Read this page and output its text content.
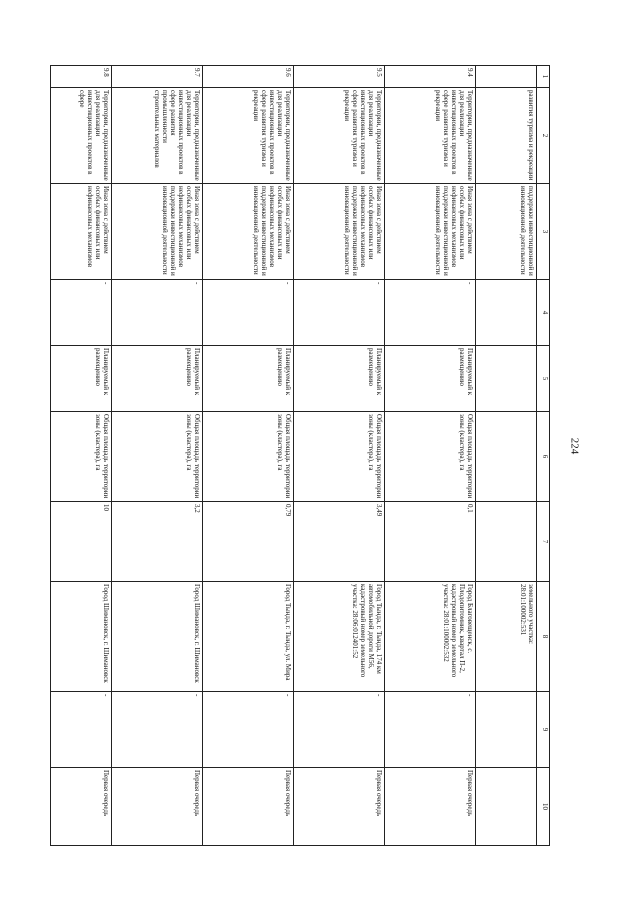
224
1	2	3	4	5	6	7	8	9	10
	развития туризма и рекреации	поддержки инвестиционной и инновационной деятельности					земельного участка: 28:01:100002:531		
9.4	Территории, предназначенные для реализации инвестиционных проектов в сфере развития туризма и рекреации	Иная зона с действием особых финансовых или нефинансовых механизмов поддержки инвестиционной и инновационной деятельности	-	Планируемый к размещению	Общая площадь территории зоны (кластера), га	0,1	Город Благовещенск, с. Плодопитомник, квартал П-2, кадастровый номер земельного участка: 28:01:100002:532	-	Первая очередь
9.5	Территории, предназначенные для реализации инвестиционных проектов в сфере развития туризма и рекреации	Иная зона с действием особых финансовых или нефинансовых механизмов поддержки инвестиционной и инновационной деятельности	-	Планируемый к размещению	Общая площадь территории зоны (кластера), га	3,49	Город Тында, г. Тында, 174 км автомобильной дороги М56, кадастровый номер земельного участка: 28:06:012401:52	-	Первая очередь
9.6	Территории, предназначенные для реализации инвестиционных проектов в сфере развития туризма и рекреации	Иная зона с действием особых финансовых или нефинансовых механизмов поддержки инвестиционной и инновационной деятельности	-	Планируемый к размещению	Общая площадь территории зоны (кластера), га	0,79	Город Тында, г. Тында, ул. Мира	-	Первая очередь
9.7	Территории, предназначенные для реализации инвестиционных проектов в сфере развития промышленности строительных материалов	Иная зона с действием особых финансовых или нефинансовых механизмов поддержки инвестиционной и инновационной деятельности	-	Планируемый к размещению	Общая площадь территории зоны (кластера), га	3,2	Город Шимановск, г. Шимановск	-	Первая очередь
9.8	Территории, предназначенные для реализации инвестиционных проектов в сфере	Иная зона с действием особых финансовых или нефинансовых механизмов	-	Планируемый к размещению	Общая площадь территории зоны (кластера), га	10	Город Шимановск, г. Шимановск	-	Первая очередь
